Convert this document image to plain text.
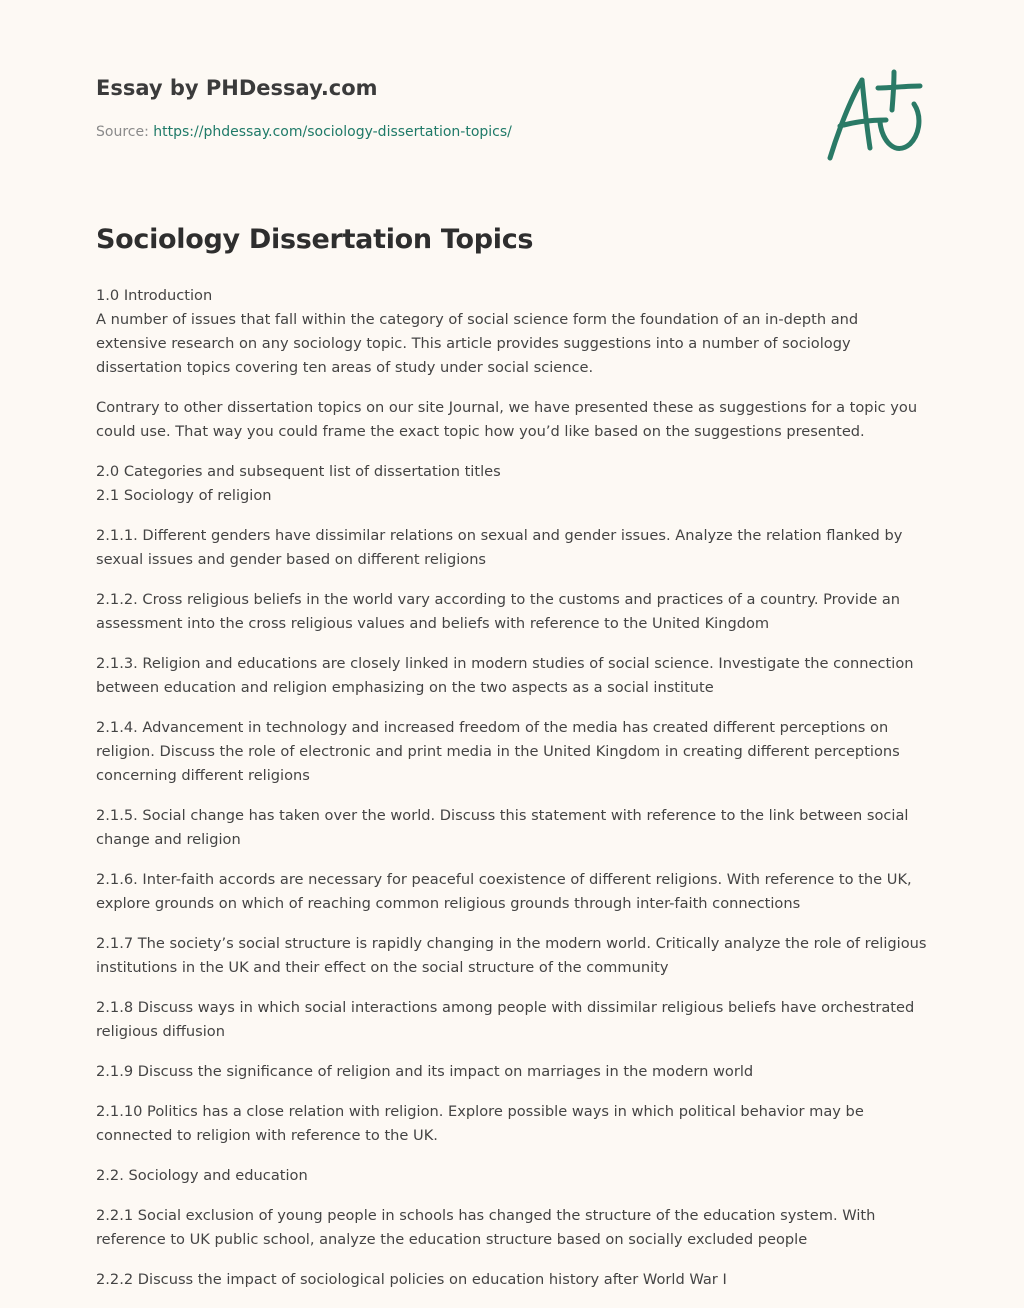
Essay by PHDessay.com
Source: https://phdessay.com/sociology-dissertation-topics/
Sociology Dissertation Topics

1.0 Introduction
A number of issues that fall within the category of social science form the foundation of an in-depth and extensive research on any sociology topic. This article provides suggestions into a number of sociology dissertation topics covering ten areas of study under social science.

Contrary to other dissertation topics on our site Journal, we have presented these as suggestions for a topic you could use. That way you could frame the exact topic how you’d like based on the suggestions presented.

2.0 Categories and subsequent list of dissertation titles
2.1 Sociology of religion

2.1.1. Different genders have dissimilar relations on sexual and gender issues. Analyze the relation flanked by sexual issues and gender based on different religions

2.1.2. Cross religious beliefs in the world vary according to the customs and practices of a country. Provide an assessment into the cross religious values and beliefs with reference to the United Kingdom

2.1.3. Religion and educations are closely linked in modern studies of social science. Investigate the connection between education and religion emphasizing on the two aspects as a social institute

2.1.4. Advancement in technology and increased freedom of the media has created different perceptions on religion. Discuss the role of electronic and print media in the United Kingdom in creating different perceptions concerning different religions

2.1.5. Social change has taken over the world. Discuss this statement with reference to the link between social change and religion

2.1.6. Inter-faith accords are necessary for peaceful coexistence of different religions. With reference to the UK, explore grounds on which of reaching common religious grounds through inter-faith connections

2.1.7 The society’s social structure is rapidly changing in the modern world. Critically analyze the role of religious institutions in the UK and their effect on the social structure of the community

2.1.8 Discuss ways in which social interactions among people with dissimilar religious beliefs have orchestrated religious diffusion

2.1.9 Discuss the significance of religion and its impact on marriages in the modern world

2.1.10 Politics has a close relation with religion. Explore possible ways in which political behavior may be connected to religion with reference to the UK.

2.2. Sociology and education

2.2.1 Social exclusion of young people in schools has changed the structure of the education system. With reference to UK public school, analyze the education structure based on socially excluded people

2.2.2 Discuss the impact of sociological policies on education history after World War I
